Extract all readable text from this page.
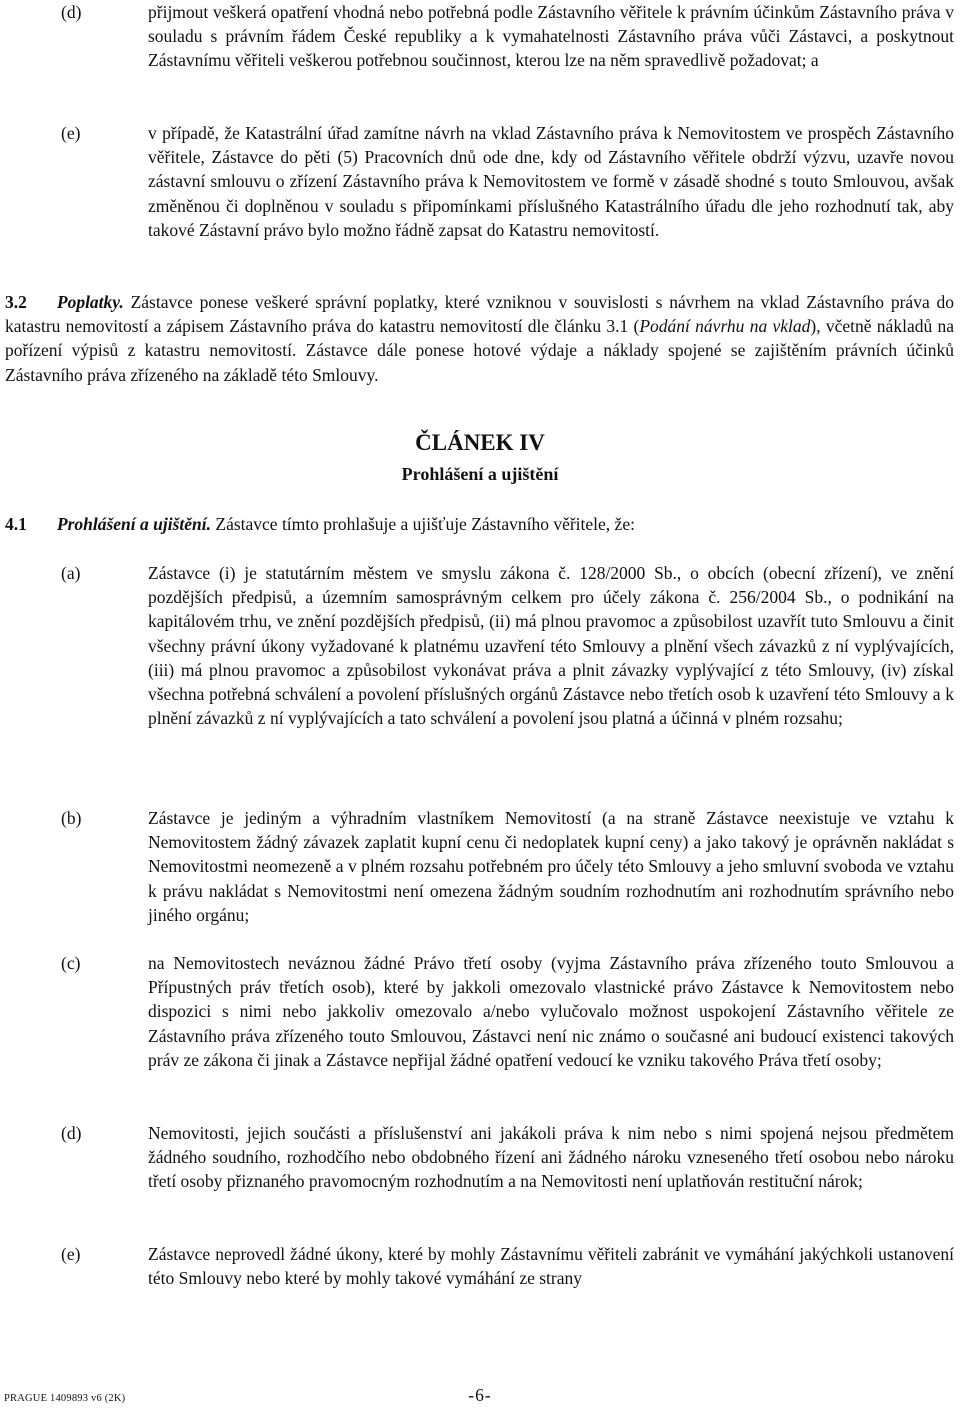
(d)	přijmout veškerá opatření vhodná nebo potřebná podle Zástavního věřitele k právním účinkům Zástavního práva v souladu s právním řádem České republiky a k vymahatelnosti Zástavního práva vůči Zástavci, a poskytnout Zástavnímu věřiteli veškerou potřebnou součinnost, kterou lze na něm spravedlivě požadovat; a
(e)	v případě, že Katastrální úřad zamítne návrh na vklad Zástavního práva k Nemovitostem ve prospěch Zástavního věřitele, Zástavce do pěti (5) Pracovních dnů ode dne, kdy od Zástavního věřitele obdrží výzvu, uzavře novou zástavní smlouvu o zřízení Zástavního práva k Nemovitostem ve formě v zásadě shodné s touto Smlouvou, avšak změněnou či doplněnou v souladu s připomínkami příslušného Katastrálního úřadu dle jeho rozhodnutí tak, aby takové Zástavní právo bylo možno řádně zapsat do Katastru nemovitostí.
3.2 Poplatky. Zástavce ponese veškeré správní poplatky, které vzniknou v souvislosti s návrhem na vklad Zástavního práva do katastru nemovitostí a zápisem Zástavního práva do katastru nemovitostí dle článku 3.1 (Podání návrhu na vklad), včetně nákladů na pořízení výpisů z katastru nemovitostí. Zástavce dále ponese hotové výdaje a náklady spojené se zajištěním právních účinků Zástavního práva zřízeného na základě této Smlouvy.
ČLÁNEK IV
Prohlášení a ujištění
4.1 Prohlášení a ujištění. Zástavce tímto prohlašuje a ujišťuje Zástavního věřitele, že:
(a)	Zástavce (i) je statutárním městem ve smyslu zákona č. 128/2000 Sb., o obcích (obecní zřízení), ve znění pozdějších předpisů, a územním samosprávným celkem pro účely zákona č. 256/2004 Sb., o podnikání na kapitálovém trhu, ve znění pozdějších předpisů, (ii) má plnou pravomoc a způsobilost uzavřít tuto Smlouvu a činit všechny právní úkony vyžadované k platnému uzavření této Smlouvy a plnění všech závazků z ní vyplývajících, (iii) má plnou pravomoc a způsobilost vykonávat práva a plnit závazky vyplývající z této Smlouvy, (iv) získal všechna potřebná schválení a povolení příslušných orgánů Zástavce nebo třetích osob k uzavření této Smlouvy a k plnění závazků z ní vyplývajících a tato schválení a povolení jsou platná a účinná v plném rozsahu;
(b)	Zástavce je jediným a výhradním vlastníkem Nemovitostí (a na straně Zástavce neexistuje ve vztahu k Nemovitostem žádný závazek zaplatit kupní cenu či nedoplatek kupní ceny) a jako takový je oprávněn nakládat s Nemovitostmi neomezeně a v plném rozsahu potřebném pro účely této Smlouvy a jeho smluvní svoboda ve vztahu k právu nakládat s Nemovitostmi není omezena žádným soudním rozhodnutím ani rozhodnutím správního nebo jiného orgánu;
(c)	na Nemovitostech neváznou žádné Právo třetí osoby (vyjma Zástavního práva zřízeného touto Smlouvou a Přípustných práv třetích osob), které by jakkoli omezovalo vlastnické právo Zástavce k Nemovitostem nebo dispozici s nimi nebo jakkoliv omezovalo a/nebo vylučovalo možnost uspokojení Zástavního věřitele ze Zástavního práva zřízeného touto Smlouvou, Zástavci není nic známo o současné ani budoucí existenci takových práv ze zákona či jinak a Zástavce nepřijal žádné opatření vedoucí ke vzniku takového Práva třetí osoby;
(d)	Nemovitosti, jejich součásti a příslušenství ani jakákoli práva k nim nebo s nimi spojená nejsou předmětem žádného soudního, rozhodčího nebo obdobného řízení ani žádného nároku vzneseného třetí osobou nebo nároku třetí osoby přiznaného pravomocným rozhodnutím a na Nemovitosti není uplatňován restituční nárok;
(e)	Zástavce neprovedl žádné úkony, které by mohly Zástavnímu věřiteli zabránit ve vymáhání jakýchkoli ustanovení této Smlouvy nebo které by mohly takové vymáhání ze strany
PRAGUE 1409893 v6 (2K)	-6-
